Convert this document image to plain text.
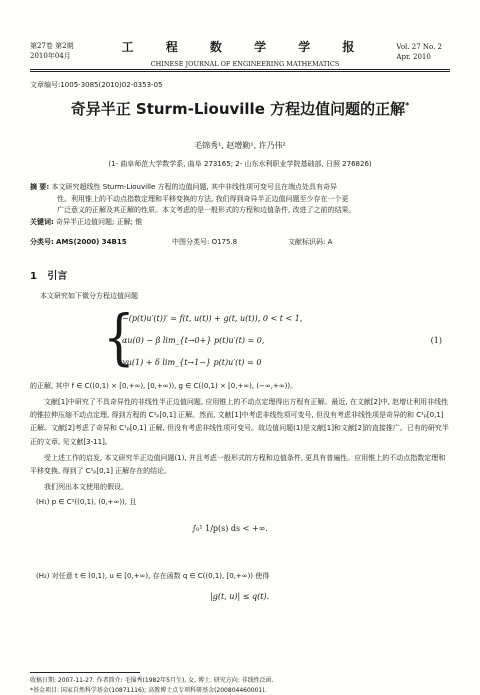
第27卷 第2期
2010年04月
工 程 数 学 学 报
CHINESE JOURNAL OF ENGINEERING MATHEMATICS
Vol. 27 No. 2
Apr. 2010
文章编号:1005-3085(2010)02-0353-05
奇异半正 Sturm-Liouville 方程边值问题的正解*
毛锦秀¹, 赵增勤¹, 许乃伟²
(1- 曲阜师范大学数学系, 曲阜 273165; 2- 山东水利职业学院基础部, 日照 276826)
摘 要: 本文研究超线性 Sturm-Liouville 方程的边值问题, 其中非线性项可变号且在端点处具有奇异
性。利用锥上的不动点指数定理和平移变换的方法, 我们得到奇异半正边值问题至少存在一个更
广泛意义的正解及其正解的性质。本文考虑的是一般形式的方程和边值条件, 改进了之前的结果。
关键词: 奇异半正边值问题; 正解; 锥
分类号: AMS(2000) 34B15	中图分类号: O175.8	文献标识码: A
1 引言
本文研究如下微分方程边值问题
{
−(p(t)u′(t))′ = f(t, u(t)) + g(t, u(t)), 0 < t < 1,
αu(0) − β lim_{t→0+} p(t)u′(t) = 0,
γu(1) + δ lim_{t→1−} p(t)u′(t) = 0
(1)
的正解, 其中 f ∈ C((0,1) × [0,+∞), [0,+∞)), g ∈ C((0,1) × [0,+∞), (−∞,+∞))。
文献[1]中研究了不具奇异性的非线性半正边值问题, 应用锥上的不动点定理得出方程有正解。最近, 在文献[2]中, 赵增让利用非线性的锥拉伸压缩不动点定理, 得到方程的 C¹ₚ[0,1] 正解。然而, 文献[1]中考虑非线性项可变号, 但没有考虑非线性项是奇异的和 C¹ₚ[0,1] 正解。文献[2]考虑了奇异和 C¹ₚ[0,1] 正解, 但没有考虑非线性项可变号。故边值问题(1)是文献[1]和文献[2]的直接推广。已有的研究半正的文章, 见文献[3-11]。
受上述工作的启发, 本文研究半正边值问题(1), 并且考虑一般形式的方程和边值条件, 更具有普遍性。应用锥上的不动点指数定理和平移变换, 得到了 C¹ₚ[0,1] 正解存在的结论。
我们列出本文使用的假设。
(H₁) p ∈ C¹((0,1), (0,+∞)), 且
∫₀¹ 1/p(s) ds < +∞.
(H₂) 对任意 t ∈ (0,1), u ∈ [0,+∞), 存在函数 q ∈ C((0,1), [0,+∞)) 使得
|g(t, u)| ≤ q(t).
收稿日期: 2007-11-27. 作者简介: 毛锦秀(1982年5月生), 女, 博士. 研究方向: 非线性泛函.
*基金项目: 国家自然科学基金(10871116); 高教博士点专项科研基金(200804460001).
